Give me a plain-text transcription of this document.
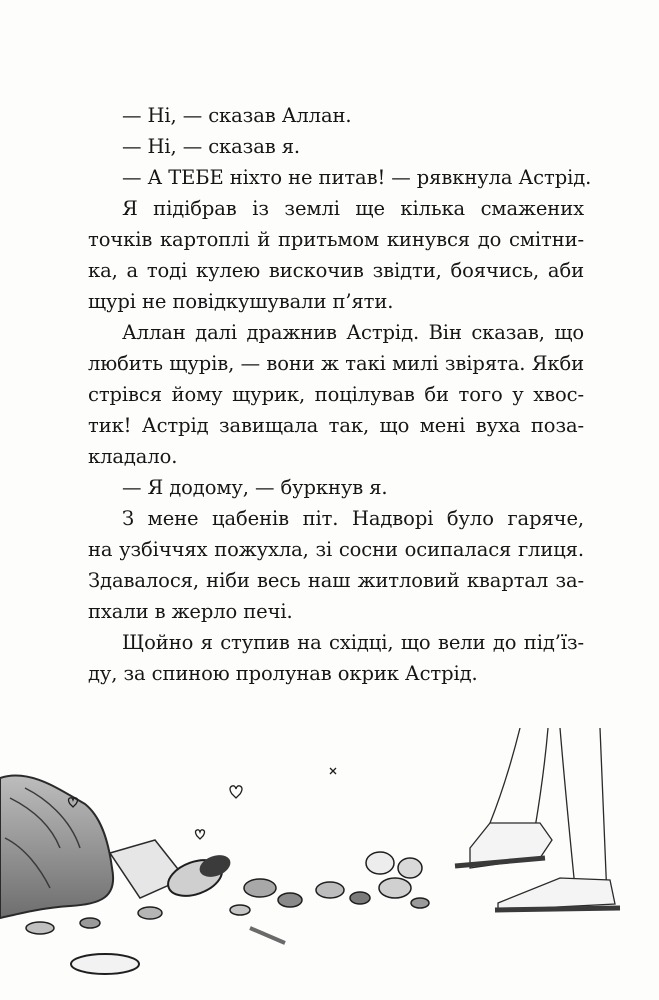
— Ні, — сказав Аллан.
— Ні, — сказав я.
— А ТЕБЕ ніхто не питав! — рявкнула Астрід.
Я підібрав із землі ще кілька смажених
точків картоплі й притьмом кинувся до смітни-
ка, а тоді кулею вискочив звідти, боячись, аби
щурі не повідкушували п’яти.
Аллан далі дражнив Астрід. Він сказав, що
любить щурів, — вони ж такі милі звірята. Якби
стрівся йому щурик, поцілував би того у хвос-
тик! Астрід завищала так, що мені вуха поза-
кладало.
— Я додому, — буркнув я.
З мене цабенів піт. Надворі було гаряче,
на узбіччях пожухла, зі сосни осипалася глиця.
Здавалося, ніби весь наш житловий квартал за-
пхали в жерло печі.
Щойно я ступив на східці, що вели до під’їз-
ду, за спиною пролунав окрик Астрід.
